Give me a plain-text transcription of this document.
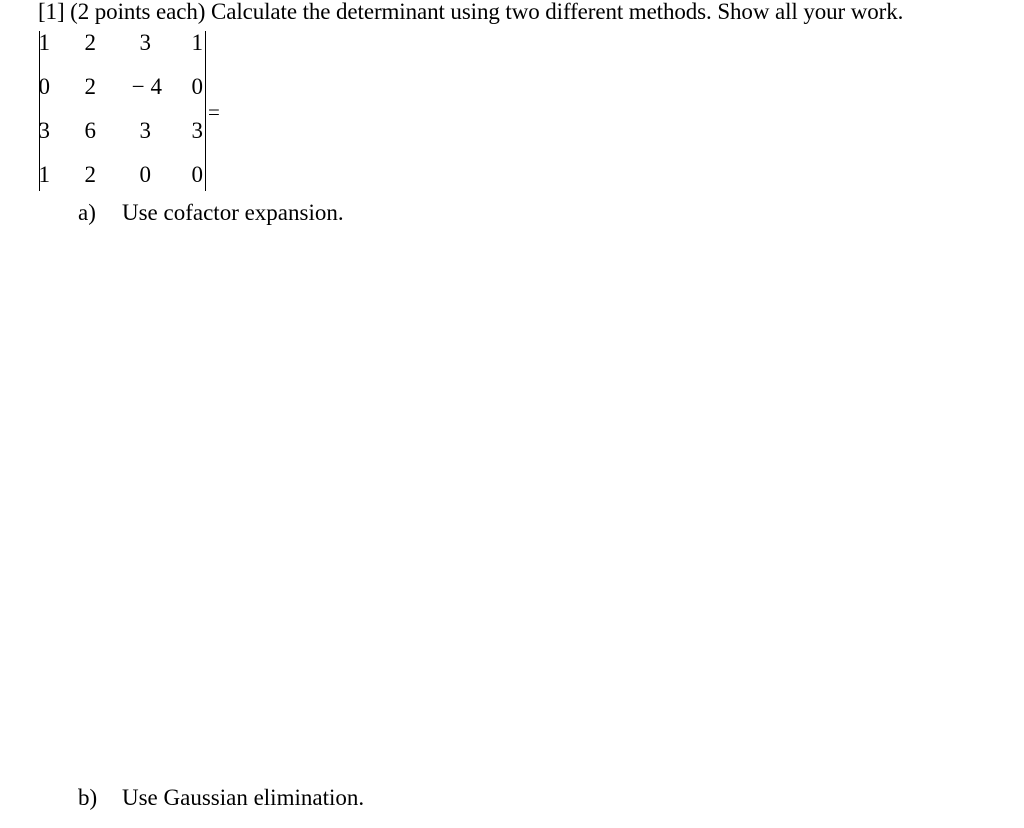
[1] (2 points each) Calculate the determinant using two different methods. Show all your work.
1	2	3	1
0	2	− 4	0
3	6	3	3
1	2	0	0
=
a) Use cofactor expansion.
b) Use Gaussian elimination.
